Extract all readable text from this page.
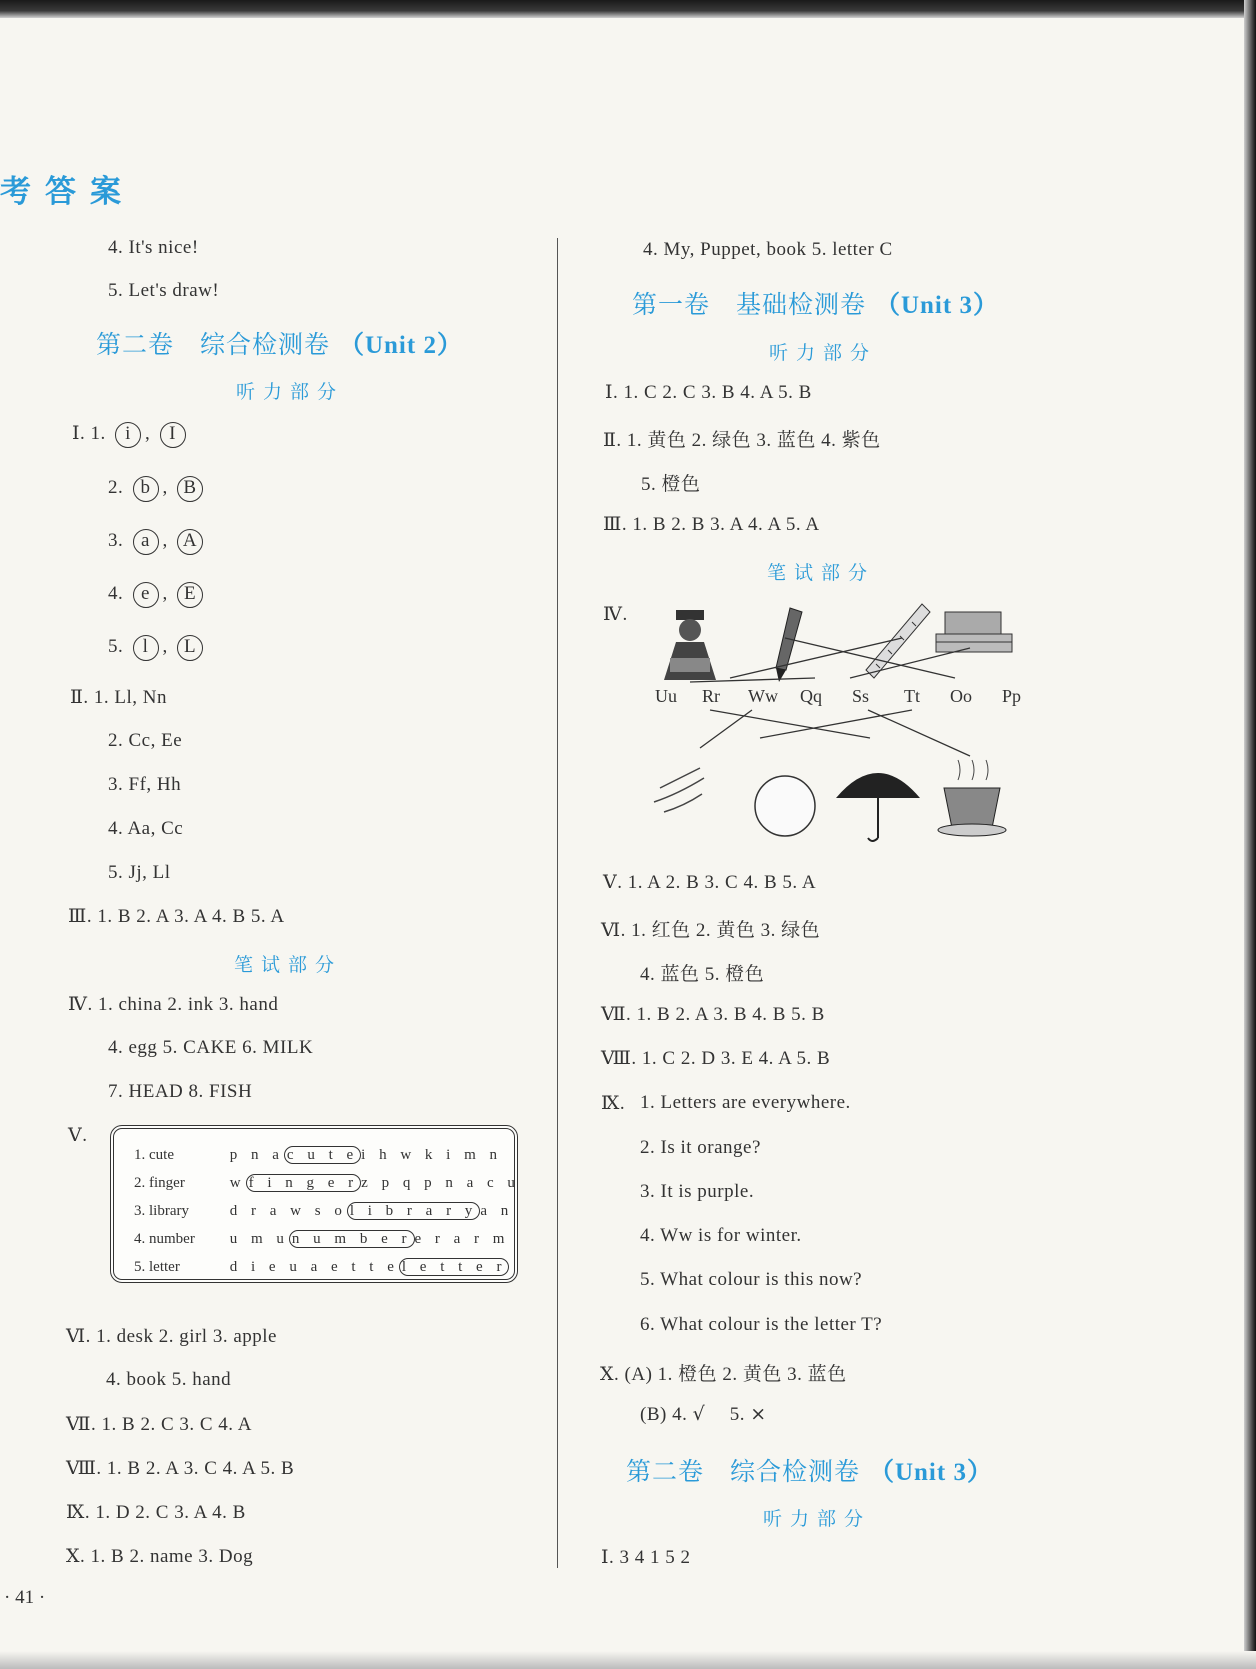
考答案
4. It's nice!
5. Let's draw!
第二卷　综合检测卷 （Unit 2）
听力部分
Ⅰ. 1. i , I
2. b , B
3. a , A
4. e , E
5. l , L
Ⅱ. 1. Ll, Nn
2. Cc, Ee
3. Ff, Hh
4. Aa, Cc
5. Jj, Ll
Ⅲ. 1. B 2. A 3. A 4. B 5. A
笔试部分
Ⅳ. 1. china 2. ink 3. hand
4. egg 5. CAKE 6. MILK
7. HEAD 8. FISH
Ⅴ.
1. cute	p n a c u t e i h w k i m n
2. finger	w f i n g e r z p q p n a c u
3. library	d r a w s o l i b r a r y a n
4. number u m u n u m b e r e r a r m
5. letter	d i e u a e t t e l e t t e r
Ⅵ. 1. desk 2. girl 3. apple
4. book 5. hand
Ⅶ. 1. B 2. C 3. C 4. A
Ⅷ. 1. B 2. A 3. C 4. A 5. B
Ⅸ. 1. D 2. C 3. A 4. B
Ⅹ. 1. B 2. name 3. Dog
· 41 ·
4. My, Puppet, book 5. letter C
第一卷　基础检测卷 （Unit 3）
听力部分
Ⅰ. 1. C 2. C 3. B 4. A 5. B
Ⅱ. 1. 黄色 2. 绿色 3. 蓝色 4. 紫色
5. 橙色
Ⅲ. 1. B 2. B 3. A 4. A 5. A
笔试部分
Ⅳ.
Uu Rr Ww Qq Ss Tt Oo Pp
Ⅴ. 1. A 2. B 3. C 4. B 5. A
Ⅵ. 1. 红色 2. 黄色 3. 绿色
4. 蓝色 5. 橙色
Ⅶ. 1. B 2. A 3. B 4. B 5. B
Ⅷ. 1. C 2. D 3. E 4. A 5. B
Ⅸ. 1. Letters are everywhere.
2. Is it orange?
3. It is purple.
4. Ww is for winter.
5. What colour is this now?
6. What colour is the letter T?
Ⅹ. (A) 1. 橙色 2. 黄色 3. 蓝色
(B) 4. √ 5. ×
第二卷　综合检测卷 （Unit 3）
听力部分
Ⅰ. 3 4 1 5 2
